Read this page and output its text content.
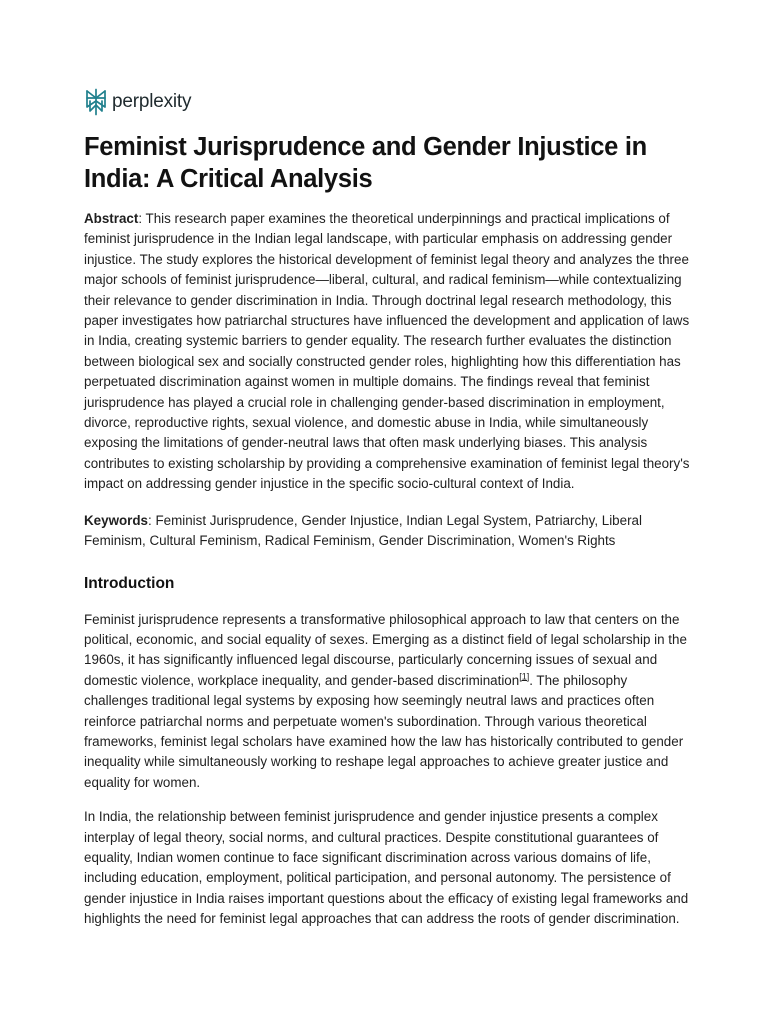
perplexity
Feminist Jurisprudence and Gender Injustice in India: A Critical Analysis

Abstract: This research paper examines the theoretical underpinnings and practical implications of feminist jurisprudence in the Indian legal landscape, with particular emphasis on addressing gender injustice. The study explores the historical development of feminist legal theory and analyzes the three major schools of feminist jurisprudence—liberal, cultural, and radical feminism—while contextualizing their relevance to gender discrimination in India. Through doctrinal legal research methodology, this paper investigates how patriarchal structures have influenced the development and application of laws in India, creating systemic barriers to gender equality. The research further evaluates the distinction between biological sex and socially constructed gender roles, highlighting how this differentiation has perpetuated discrimination against women in multiple domains. The findings reveal that feminist jurisprudence has played a crucial role in challenging gender-based discrimination in employment, divorce, reproductive rights, sexual violence, and domestic abuse in India, while simultaneously exposing the limitations of gender-neutral laws that often mask underlying biases. This analysis contributes to existing scholarship by providing a comprehensive examination of feminist legal theory's impact on addressing gender injustice in the specific socio-cultural context of India.

Keywords: Feminist Jurisprudence, Gender Injustice, Indian Legal System, Patriarchy, Liberal Feminism, Cultural Feminism, Radical Feminism, Gender Discrimination, Women's Rights

Introduction

Feminist jurisprudence represents a transformative philosophical approach to law that centers on the political, economic, and social equality of sexes. Emerging as a distinct field of legal scholarship in the 1960s, it has significantly influenced legal discourse, particularly concerning issues of sexual and domestic violence, workplace inequality, and gender-based discrimination[1]. The philosophy challenges traditional legal systems by exposing how seemingly neutral laws and practices often reinforce patriarchal norms and perpetuate women's subordination. Through various theoretical frameworks, feminist legal scholars have examined how the law has historically contributed to gender inequality while simultaneously working to reshape legal approaches to achieve greater justice and equality for women.

In India, the relationship between feminist jurisprudence and gender injustice presents a complex interplay of legal theory, social norms, and cultural practices. Despite constitutional guarantees of equality, Indian women continue to face significant discrimination across various domains of life, including education, employment, political participation, and personal autonomy. The persistence of gender injustice in India raises important questions about the efficacy of existing legal frameworks and highlights the need for feminist legal approaches that can address the roots of gender discrimination.
